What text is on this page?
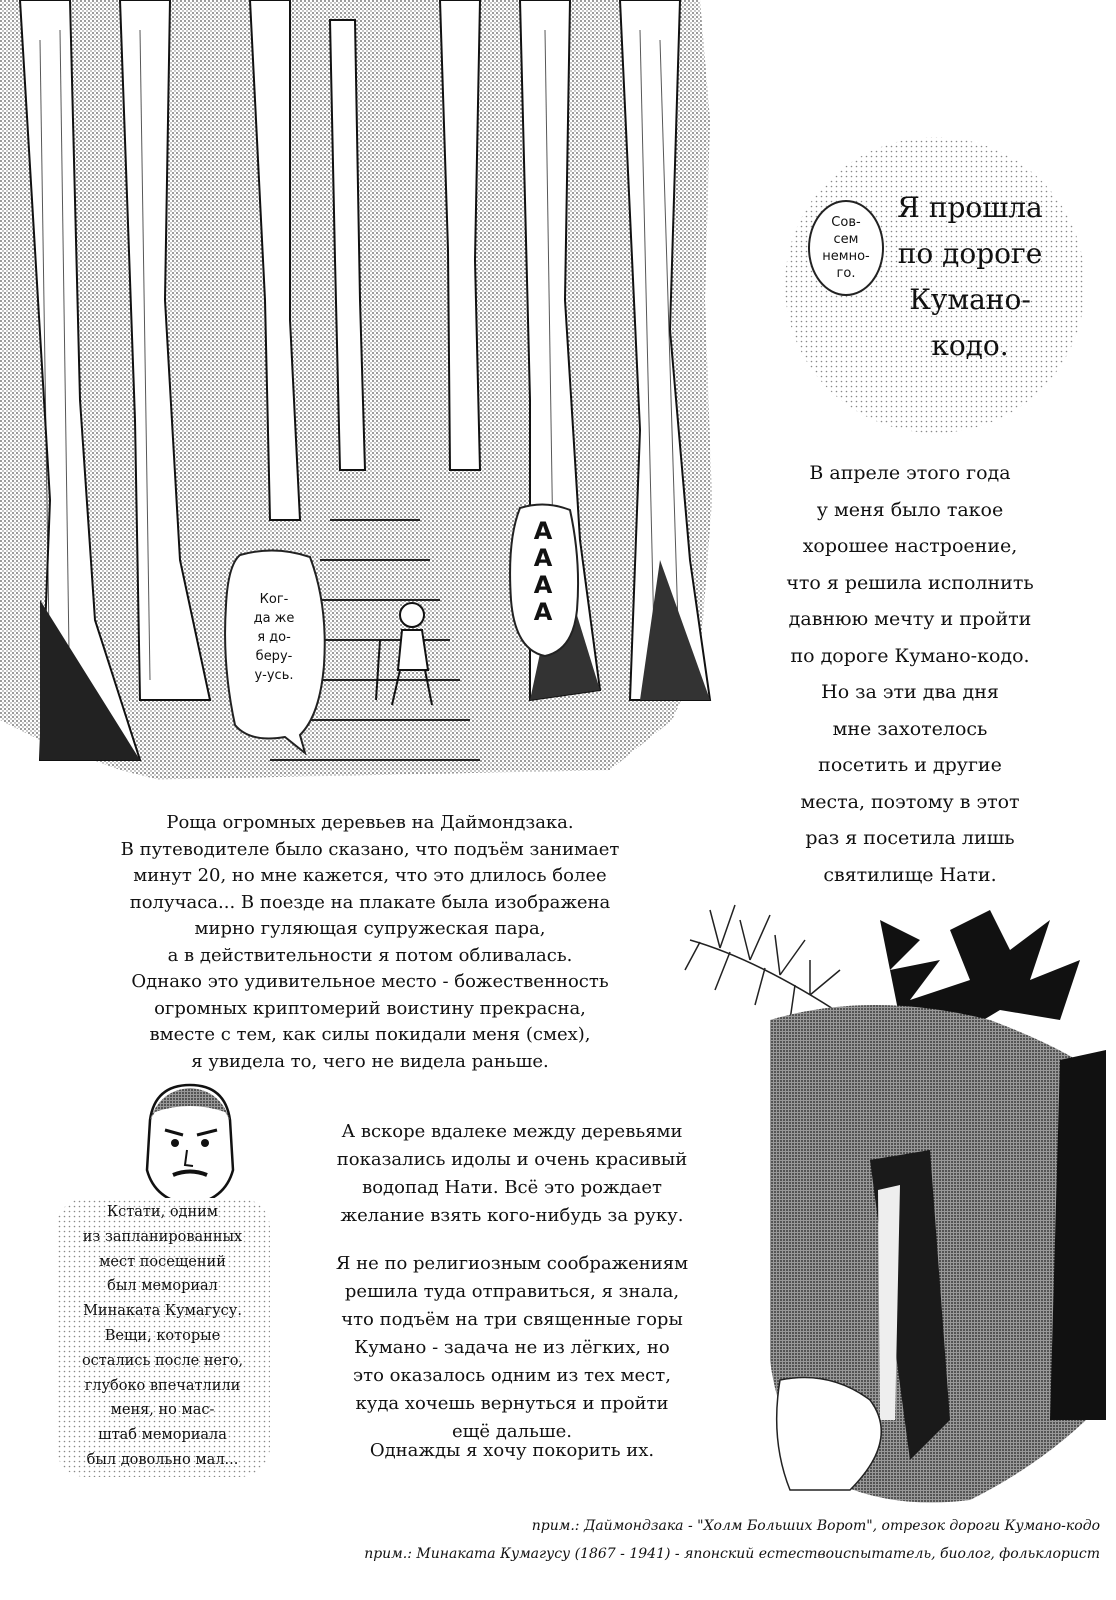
Ког-
да же
я до-
беру-
у-усь.
А
А
А
А
Сов-
сем
немно-
го.
Я прошла
по дороге
Кумано-
кодо.
В апреле этого года
у меня было такое
хорошее настроение,
что я решила исполнить
давнюю мечту и пройти
по дороге Кумано-кодо.
Но за эти два дня
мне захотелось
посетить и другие
места, поэтому в этот
раз я посетила лишь
святилище Нати.
Роща огромных деревьев на Даймондзака.
В путеводителе было сказано, что подъём занимает
минут 20, но мне кажется, что это длилось более
получаса... В поезде на плакате была изображена
мирно гуляющая супружеская пара,
а в действительности я потом обливалась.
Однако это удивительное место - божественность
огромных криптомерий воистину прекрасна,
вместе с тем, как силы покидали меня (смех),
я увидела то, чего не видела раньше.
Кстати, одним
из запланированных
мест посещений
был мемориал
Минаката Кумагусу.
Вещи, которые
остались после него,
глубоко впечатлили
меня, но мас-
штаб мемориала
был довольно мал...
А вскоре вдалеке между деревьями
показались идолы и очень красивый
водопад Нати. Всё это рождает
желание взять кого-нибудь за руку.
Я не по религиозным соображениям
решила туда отправиться, я знала,
что подъём на три священные горы
Кумано - задача не из лёгких, но
это оказалось одним из тех мест,
куда хочешь вернуться и пройти
ещё дальше.
Однажды я хочу покорить их.
прим.: Даймондзака - "Холм Больших Ворот", отрезок дороги Кумано-кодо
прим.: Минаката Кумагусу (1867 - 1941) - японский естествоиспытатель, биолог, фольклорист
